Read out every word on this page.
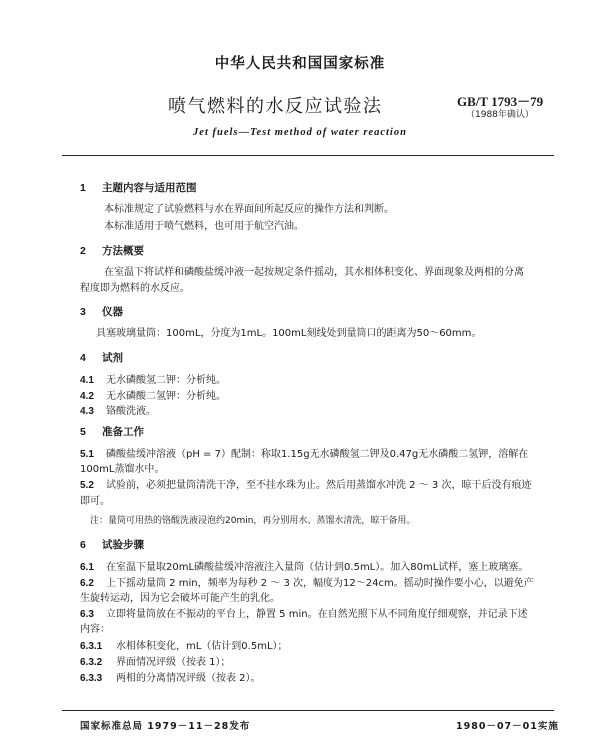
中华人民共和国国家标准
喷气燃料的水反应试验法	GB/T 1793－79
（1988年确认）
Jet fuels—Test method of water reaction
1 主题内容与适用范围
本标准规定了试验燃料与水在界面间所起反应的操作方法和判断。
本标准适用于喷气燃料，也可用于航空汽油。
2 方法概要
在室温下将试样和磷酸盐缓冲液一起按规定条件摇动，其水相体积变化、界面现象及两相的分离
程度即为燃料的水反应。
3 仪器
具塞玻璃量筒：100mL，分度为1mL。100mL刻线处到量筒口的距离为50～60mm。
4 试剂
4.1 无水磷酸氢二钾：分析纯。
4.2 无水磷酸二氢钾：分析纯。
4.3 铬酸洗液。
5 准备工作
5.1 磷酸盐缓冲溶液（pH = 7）配制：称取1.15g无水磷酸氢二钾及0.47g无水磷酸二氢钾，溶解在
100mL蒸馏水中。
5.2 试验前，必须把量筒清洗干净，至不挂水珠为止。然后用蒸馏水冲洗 2 ～ 3 次，晾干后没有痕迹
即可。
注：量筒可用热的铬酸洗液浸泡约20min，再分别用水、蒸馏水清洗，晾干备用。
6 试验步骤
6.1 在室温下量取20mL磷酸盐缓冲溶液注入量筒（估计到0.5mL）。加入80mL试样，塞上玻璃塞。
6.2 上下摇动量筒 2 min，频率为每秒 2 ～ 3 次，幅度为12～24cm。摇动时操作要小心，以避免产
生旋转运动，因为它会破坏可能产生的乳化。
6.3 立即将量筒放在不振动的平台上，静置 5 min。在自然光照下从不同角度仔细观察，并记录下述
内容：
6.3.1 水相体积变化，mL（估计到0.5mL）；
6.3.2 界面情况评级（按表 1）；
6.3.3 两相的分离情况评级（按表 2）。
国家标准总局 1979－11－28发布	1980－07－01实施
